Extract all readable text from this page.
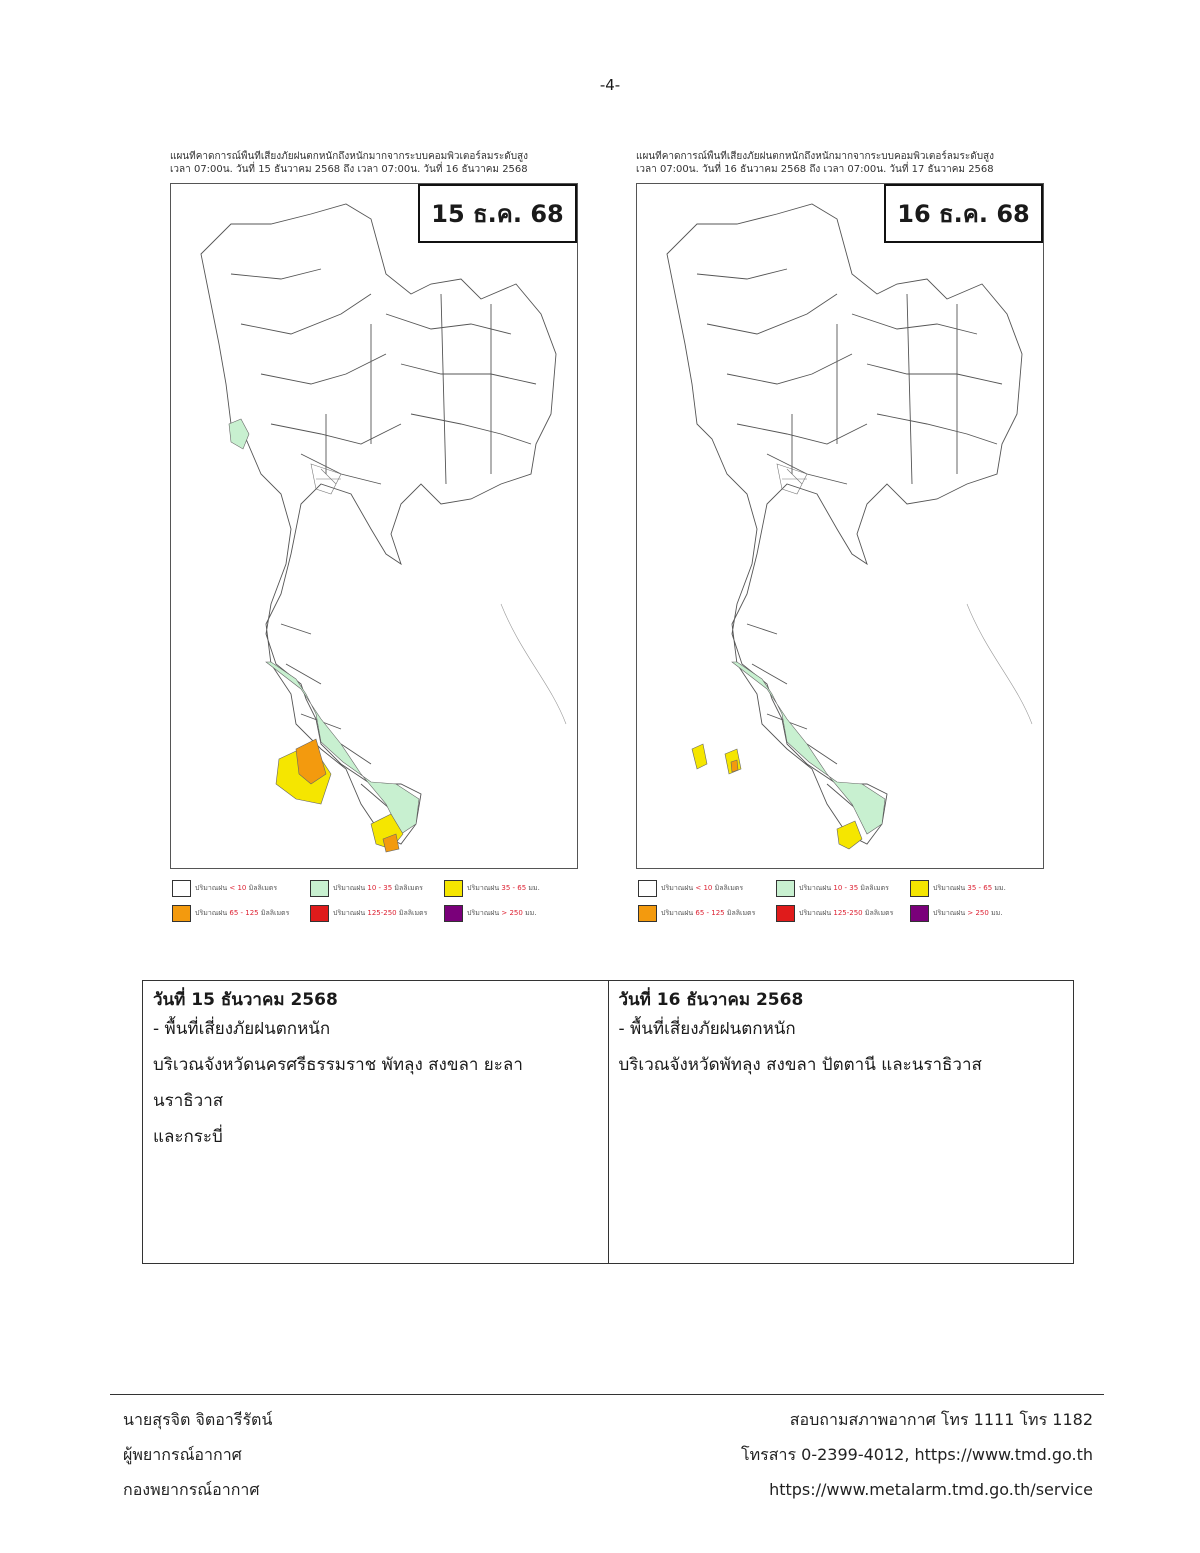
-4-
แผนที่คาดการณ์พื้นที่เสี่ยงภัยฝนตกหนักถึงหนักมากจากระบบคอมพิวเตอร์ลมระดับสูง
เวลา 07:00น. วันที่ 15 ธันวาคม 2568 ถึง เวลา 07:00น. วันที่ 16 ธันวาคม 2568
15 ธ.ค. 68
ปริมาณฝน < 10 มิลลิเมตร	ปริมาณฝน 10 - 35 มิลลิเมตร	ปริมาณฝน 35 - 65 มม.
ปริมาณฝน 65 - 125 มิลลิเมตร	ปริมาณฝน 125-250 มิลลิเมตร	ปริมาณฝน > 250 มม.
แผนที่คาดการณ์พื้นที่เสี่ยงภัยฝนตกหนักถึงหนักมากจากระบบคอมพิวเตอร์ลมระดับสูง
เวลา 07:00น. วันที่ 16 ธันวาคม 2568 ถึง เวลา 07:00น. วันที่ 17 ธันวาคม 2568
16 ธ.ค. 68
ปริมาณฝน < 10 มิลลิเมตร	ปริมาณฝน 10 - 35 มิลลิเมตร	ปริมาณฝน 35 - 65 มม.
ปริมาณฝน 65 - 125 มิลลิเมตร	ปริมาณฝน 125-250 มิลลิเมตร	ปริมาณฝน > 250 มม.
วันที่ 15 ธันวาคม 2568
- พื้นที่เสี่ยงภัยฝนตกหนัก
บริเวณจังหวัดนครศรีธรรมราช พัทลุง สงขลา ยะลา นราธิวาส
และกระบี่

วันที่ 16 ธันวาคม 2568
- พื้นที่เสี่ยงภัยฝนตกหนัก
บริเวณจังหวัดพัทลุง สงขลา ปัตตานี และนราธิวาส
นายสุรจิต จิตอารีรัตน์
ผู้พยากรณ์อากาศ
กองพยากรณ์อากาศ
สอบถามสภาพอากาศ โทร 1111 โทร 1182
โทรสาร 0-2399-4012, https://www.tmd.go.th
https://www.metalarm.tmd.go.th/service
